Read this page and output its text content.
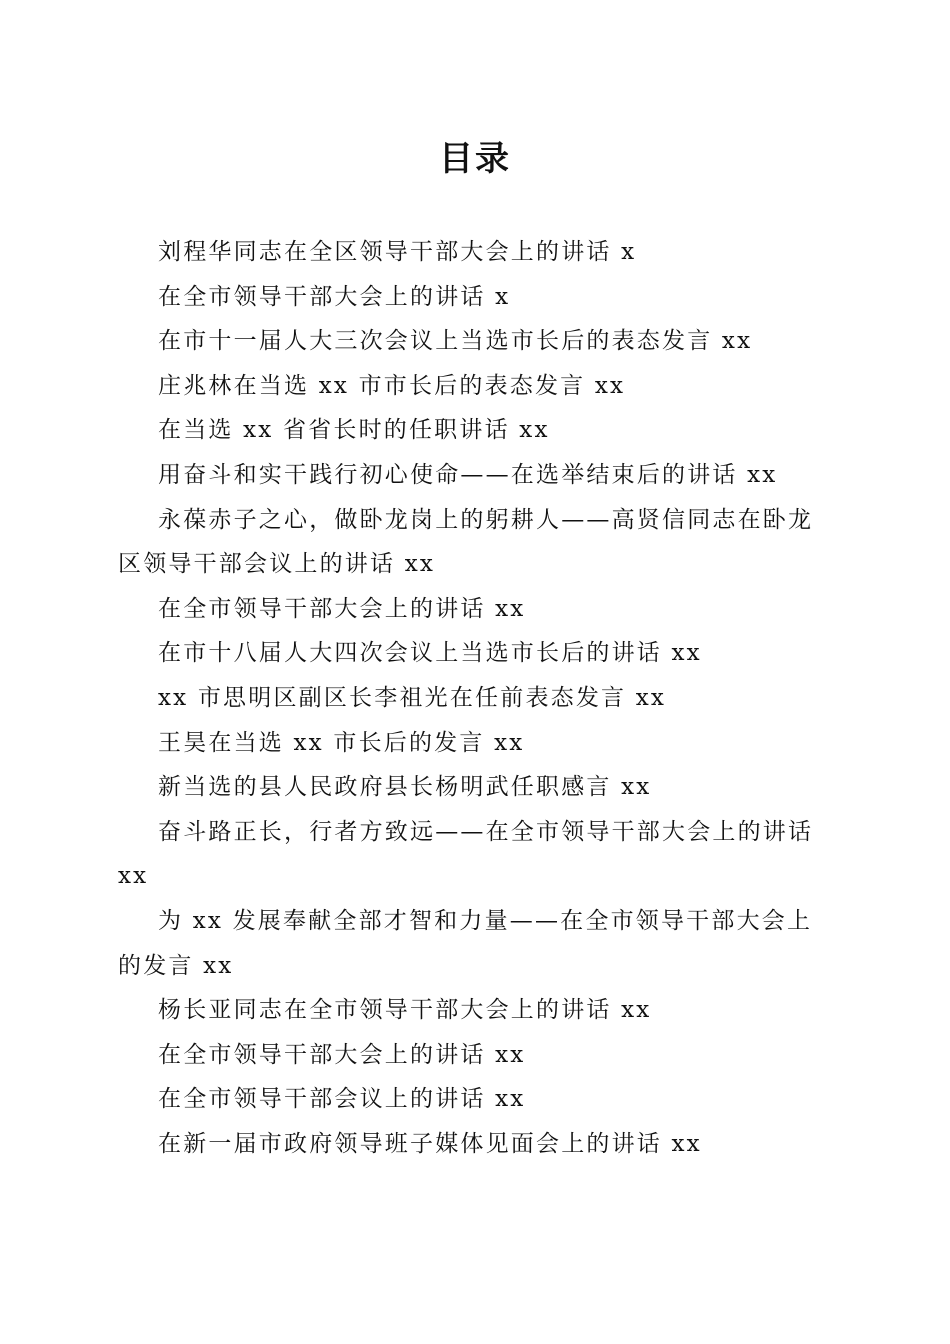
目录
刘程华同志在全区领导干部大会上的讲话 x
在全市领导干部大会上的讲话 x
在市十一届人大三次会议上当选市长后的表态发言 xx
庄兆林在当选 xx 市市长后的表态发言 xx
在当选 xx 省省长时的任职讲话 xx
用奋斗和实干践行初心使命——在选举结束后的讲话 xx
永葆赤子之心，做卧龙岗上的躬耕人——高贤信同志在卧龙区领导干部会议上的讲话 xx
在全市领导干部大会上的讲话 xx
在市十八届人大四次会议上当选市长后的讲话 xx
xx 市思明区副区长李祖光在任前表态发言 xx
王昊在当选 xx 市长后的发言 xx
新当选的县人民政府县长杨明武任职感言 xx
奋斗路正长，行者方致远——在全市领导干部大会上的讲话 xx
为 xx 发展奉献全部才智和力量——在全市领导干部大会上的发言 xx
杨长亚同志在全市领导干部大会上的讲话 xx
在全市领导干部大会上的讲话 xx
在全市领导干部会议上的讲话 xx
在新一届市政府领导班子媒体见面会上的讲话 xx
